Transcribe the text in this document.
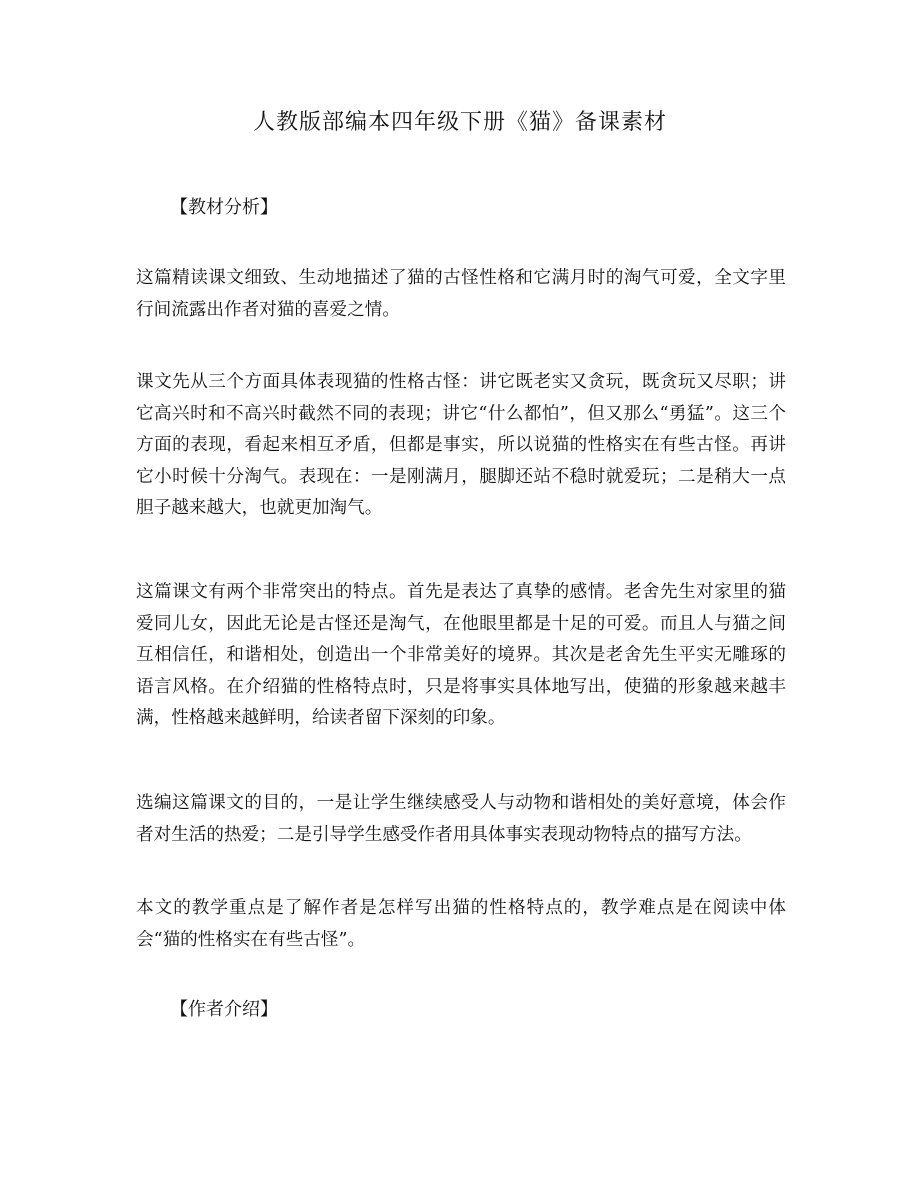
人教版部编本四年级下册《猫》备课素材
【教材分析】

这篇精读课文细致、生动地描述了猫的古怪性格和它满月时的淘气可爱，全文字里行间流露出作者对猫的喜爱之情。

课文先从三个方面具体表现猫的性格古怪：讲它既老实又贪玩，既贪玩又尽职；讲它高兴时和不高兴时截然不同的表现；讲它“什么都怕”，但又那么“勇猛”。这三个方面的表现，看起来相互矛盾，但都是事实，所以说猫的性格实在有些古怪。再讲它小时候十分淘气。表现在：一是刚满月，腿脚还站不稳时就爱玩；二是稍大一点胆子越来越大，也就更加淘气。

这篇课文有两个非常突出的特点。首先是表达了真挚的感情。老舍先生对家里的猫爱同儿女，因此无论是古怪还是淘气，在他眼里都是十足的可爱。而且人与猫之间互相信任，和谐相处，创造出一个非常美好的境界。其次是老舍先生平实无雕琢的语言风格。在介绍猫的性格特点时，只是将事实具体地写出，使猫的形象越来越丰满，性格越来越鲜明，给读者留下深刻的印象。

选编这篇课文的目的，一是让学生继续感受人与动物和谐相处的美好意境，体会作者对生活的热爱；二是引导学生感受作者用具体事实表现动物特点的描写方法。

本文的教学重点是了解作者是怎样写出猫的性格特点的，教学难点是在阅读中体会“猫的性格实在有些古怪”。

【作者介绍】
